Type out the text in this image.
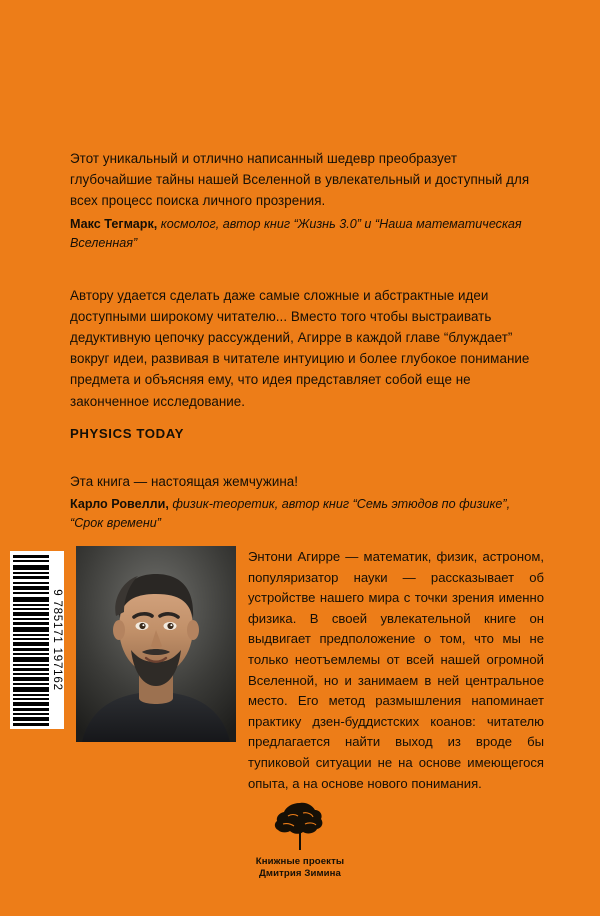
Этот уникальный и отлично написанный шедевр преобразует глубочайшие тайны нашей Вселенной в увлекательный и доступный для всех процесс поиска личного прозрения.
Макс Тегмарк, космолог, автор книг “Жизнь 3.0” и “Наша математическая Вселенная”
Автору удается сделать даже самые сложные и абстрактные идеи доступными широкому читателю... Вместо того чтобы выстраивать дедуктивную цепочку рассуждений, Агирре в каждой главе “блуждает” вокруг идеи, развивая в читателе интуицию и более глубокое понимание предмета и объясняя ему, что идея представляет собой еще не законченное исследование.
PHYSICS TODAY
Эта книга — настоящая жемчужина!
Карло Ровелли, физик-теоретик, автор книг “Семь этюдов по физике”, “Срок времени”
9 785171 197162
Энтони Агирре — математик, физик, астроном, популяризатор науки — рассказывает об устройстве нашего мира с точки зрения именно физика. В своей увлекательной книге он выдвигает предположение о том, что мы не только неотъемлемы от всей нашей огромной Вселенной, но и занимаем в ней центральное место. Его метод размышления напоминает практику дзен-буддистских коанов: читателю предлагается найти выход из вроде бы тупиковой ситуации не на основе имеющегося опыта, а на основе нового понимания.
Книжные проекты
Дмитрия Зимина
